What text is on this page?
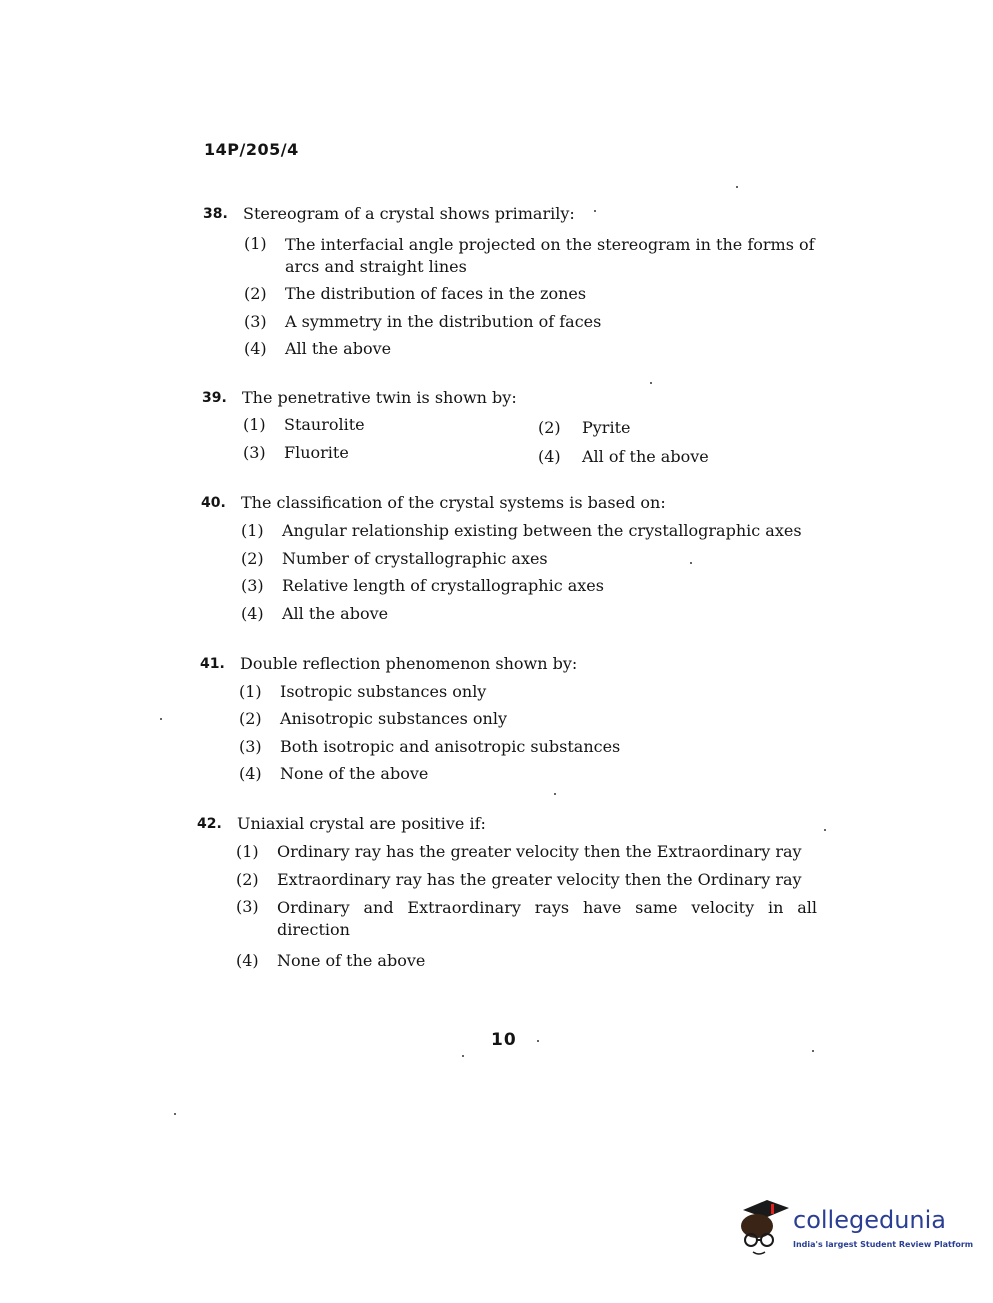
14P/205/4
38. Stereogram of a crystal shows primarily:
(1) The interfacial angle projected on the stereogram in the forms of arcs and straight lines
(2) The distribution of faces in the zones
(3) A symmetry in the distribution of faces
(4) All the above
39. The penetrative twin is shown by:
(1) Staurolite	(2) Pyrite
(3) Fluorite	(4) All of the above
40. The classification of the crystal systems is based on:
(1) Angular relationship existing between the crystallographic axes
(2) Number of crystallographic axes
(3) Relative length of crystallographic axes
(4) All the above
41. Double reflection phenomenon shown by:
(1) Isotropic substances only
(2) Anisotropic substances only
(3) Both isotropic and anisotropic substances
(4) None of the above
42. Uniaxial crystal are positive if:
(1) Ordinary ray has the greater velocity then the Extraordinary ray
(2) Extraordinary ray has the greater velocity then the Ordinary ray
(3) Ordinary and Extraordinary rays have same velocity in all direction
(4) None of the above
10
collegedunia
India's largest Student Review Platform
